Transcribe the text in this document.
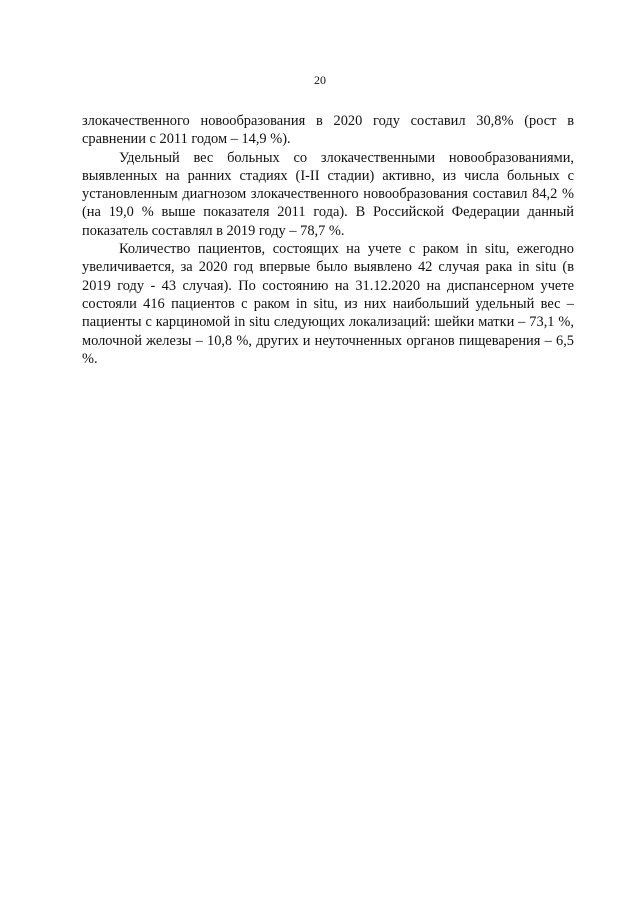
20

злокачественного новообразования в 2020 году составил 30,8% (рост в сравнении с 2011 годом – 14,9 %).

Удельный вес больных со злокачественными новообразованиями, выявленных на ранних стадиях (I-II стадии) активно, из числа больных с установленным диагнозом злокачественного новообразования составил 84,2 % (на 19,0 % выше показателя 2011 года). В Российской Федерации данный показатель составлял в 2019 году – 78,7 %.

Количество пациентов, состоящих на учете с раком in situ, ежегодно увеличивается, за 2020 год впервые было выявлено 42 случая рака in situ (в 2019 году - 43 случая). По состоянию на 31.12.2020 на диспансерном учете состояли 416 пациентов с раком in situ, из них наибольший удельный вес – пациенты с карциномой in situ следующих локализаций: шейки матки – 73,1 %, молочной железы – 10,8 %, других и неуточненных органов пищеварения – 6,5 %.
